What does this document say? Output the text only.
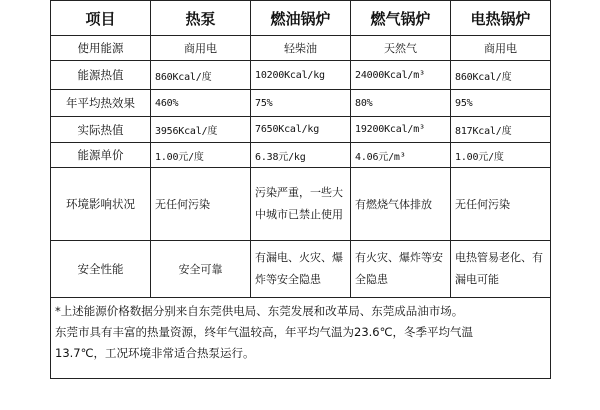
项目	热泵	燃油锅炉	燃气锅炉	电热锅炉
使用能源	商用电	轻柴油	天然气	商用电
能源热值	860Kcal/度	10200Kcal/kg	24000Kcal/m³	860Kcal/度
年平均热效果	460%	75%	80%	95%
实际热值	3956Kcal/度	7650Kcal/kg	19200Kcal/m³	817Kcal/度
能源单价	1.00元/度	6.38元/kg	4.06元/m³	1.00元/度
环境影响状况	无任何污染	污染严重，一些大中城市已禁止使用	有燃烧气体排放	无任何污染
安全性能	安全可靠	有漏电、火灾、爆炸等安全隐患	有火灾、爆炸等安全隐患	电热管易老化、有漏电可能

*上述能源价格数据分别来自东莞供电局、东莞发展和改革局、东莞成品油市场。
东莞市具有丰富的热量资源，终年气温较高，年平均气温为23.6℃，冬季平均气温
13.7℃，工况环境非常适合热泵运行。				
